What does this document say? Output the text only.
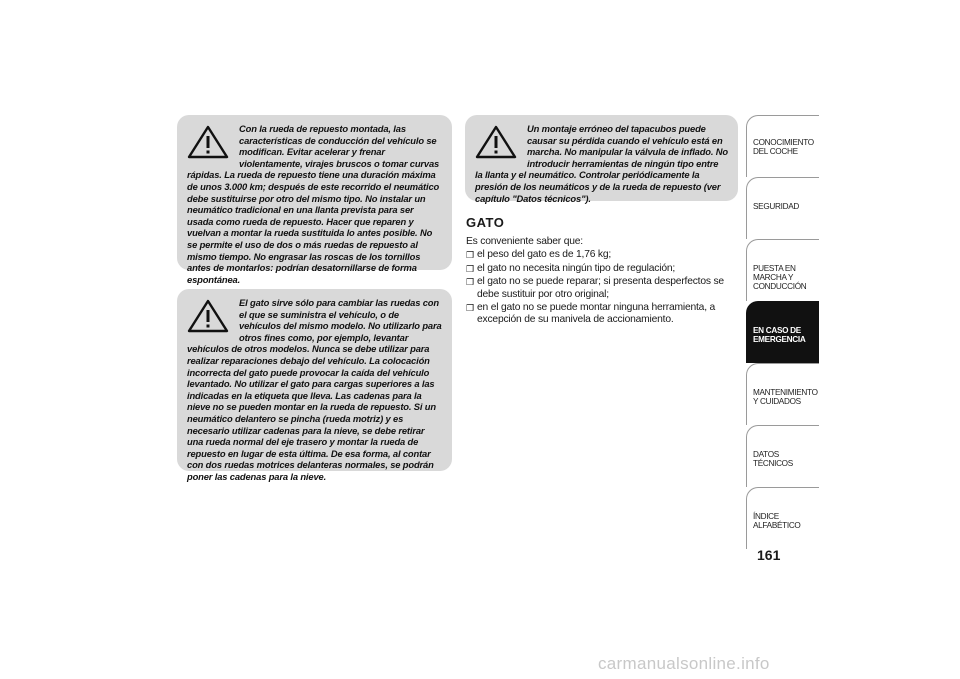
Con la rueda de repuesto montada, las características de conducción del vehículo se modifican. Evitar acelerar y frenar violentamente, virajes bruscos o tomar curvas rápidas. La rueda de repuesto tiene una duración máxima de unos 3.000 km; después de este recorrido el neumático debe sustituirse por otro del mismo tipo. No instalar un neumático tradicional en una llanta prevista para ser usada como rueda de repuesto. Hacer que reparen y vuelvan a montar la rueda sustituida lo antes posible. No se permite el uso de dos o más ruedas de repuesto al mismo tiempo. No engrasar las roscas de los tornillos antes de montarlos: podrían desatornillarse de forma espontánea.

El gato sirve sólo para cambiar las ruedas con el que se suministra el vehículo, o de vehículos del mismo modelo. No utilizarlo para otros fines como, por ejemplo, levantar vehículos de otros modelos. Nunca se debe utilizar para realizar reparaciones debajo del vehículo. La colocación incorrecta del gato puede provocar la caída del vehículo levantado. No utilizar el gato para cargas superiores a las indicadas en la etiqueta que lleva. Las cadenas para la nieve no se pueden montar en la rueda de repuesto. Si un neumático delantero se pincha (rueda motriz) y es necesario utilizar cadenas para la nieve, se debe retirar una rueda normal del eje trasero y montar la rueda de repuesto en lugar de esta última. De esa forma, al contar con dos ruedas motrices delanteras normales, se podrán poner las cadenas para la nieve.

Un montaje erróneo del tapacubos puede causar su pérdida cuando el vehículo está en marcha. No manipular la válvula de inflado. No introducir herramientas de ningún tipo entre la llanta y el neumático. Controlar periódicamente la presión de los neumáticos y de la rueda de repuesto (ver capítulo "Datos técnicos").

GATO

Es conveniente saber que:

❒ el peso del gato es de 1,76 kg;
❒ el gato no necesita ningún tipo de regulación;
❒ el gato no se puede reparar; si presenta desperfectos se debe sustituir por otro original;
❒ en el gato no se puede montar ninguna herramienta, a excepción de su manivela de accionamiento.
CONOCIMIENTO DEL COCHE
SEGURIDAD
PUESTA EN MARCHA Y CONDUCCIÓN
EN CASO DE EMERGENCIA
MANTENIMIENTO Y CUIDADOS
DATOS TÉCNICOS
ÍNDICE ALFABÉTICO
161
carmanualsonline.info
